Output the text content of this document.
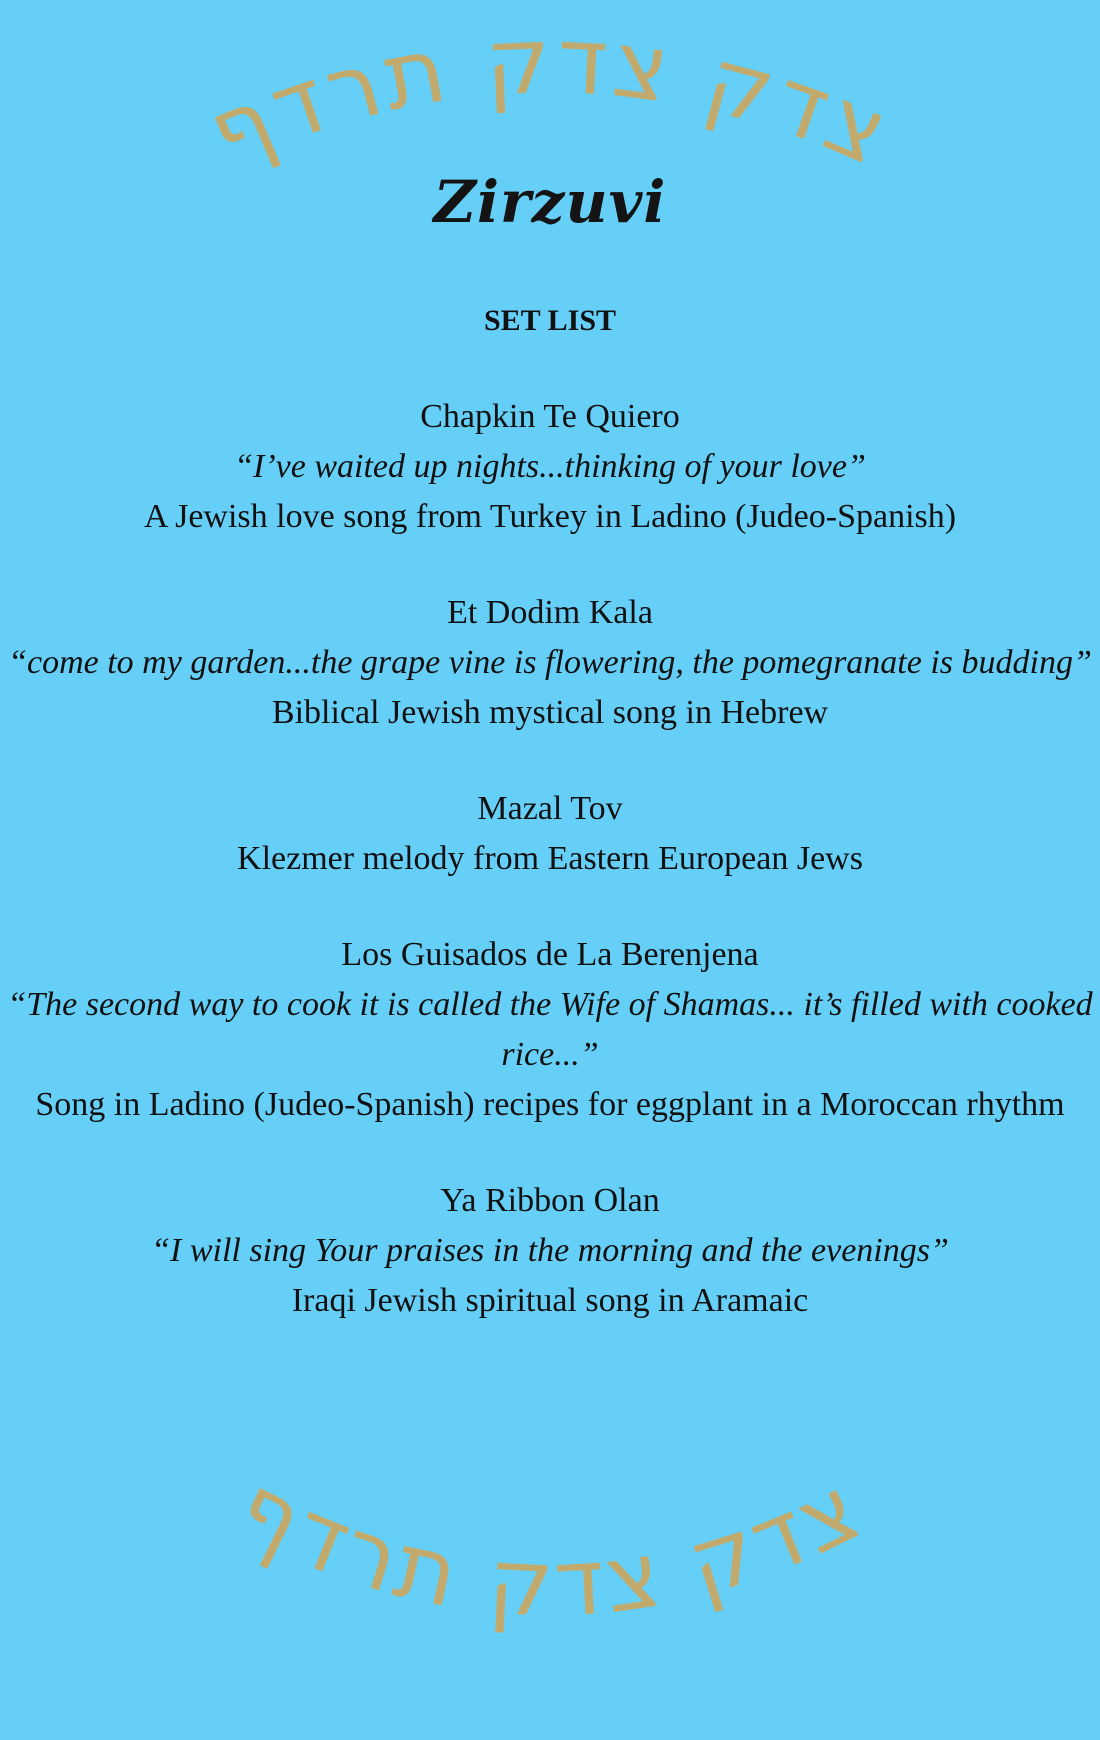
צדק צדק תרדף
Zirzuvi
SET LIST
Chapkin Te Quiero
“I’ve waited up nights...thinking of your love”
A Jewish love song from Turkey in Ladino (Judeo-Spanish)
Et Dodim Kala
“come to my garden...the grape vine is flowering, the pomegranate is budding”
Biblical Jewish mystical song in Hebrew
Mazal Tov
Klezmer melody from Eastern European Jews
Los Guisados de La Berenjena
“The second way to cook it is called the Wife of Shamas... it’s filled with cooked rice...”
Song in Ladino (Judeo-Spanish) recipes for eggplant in a Moroccan rhythm
Ya Ribbon Olan
“I will sing Your praises in the morning and the evenings”
Iraqi Jewish spiritual song in Aramaic
צדק צדק תרדף
